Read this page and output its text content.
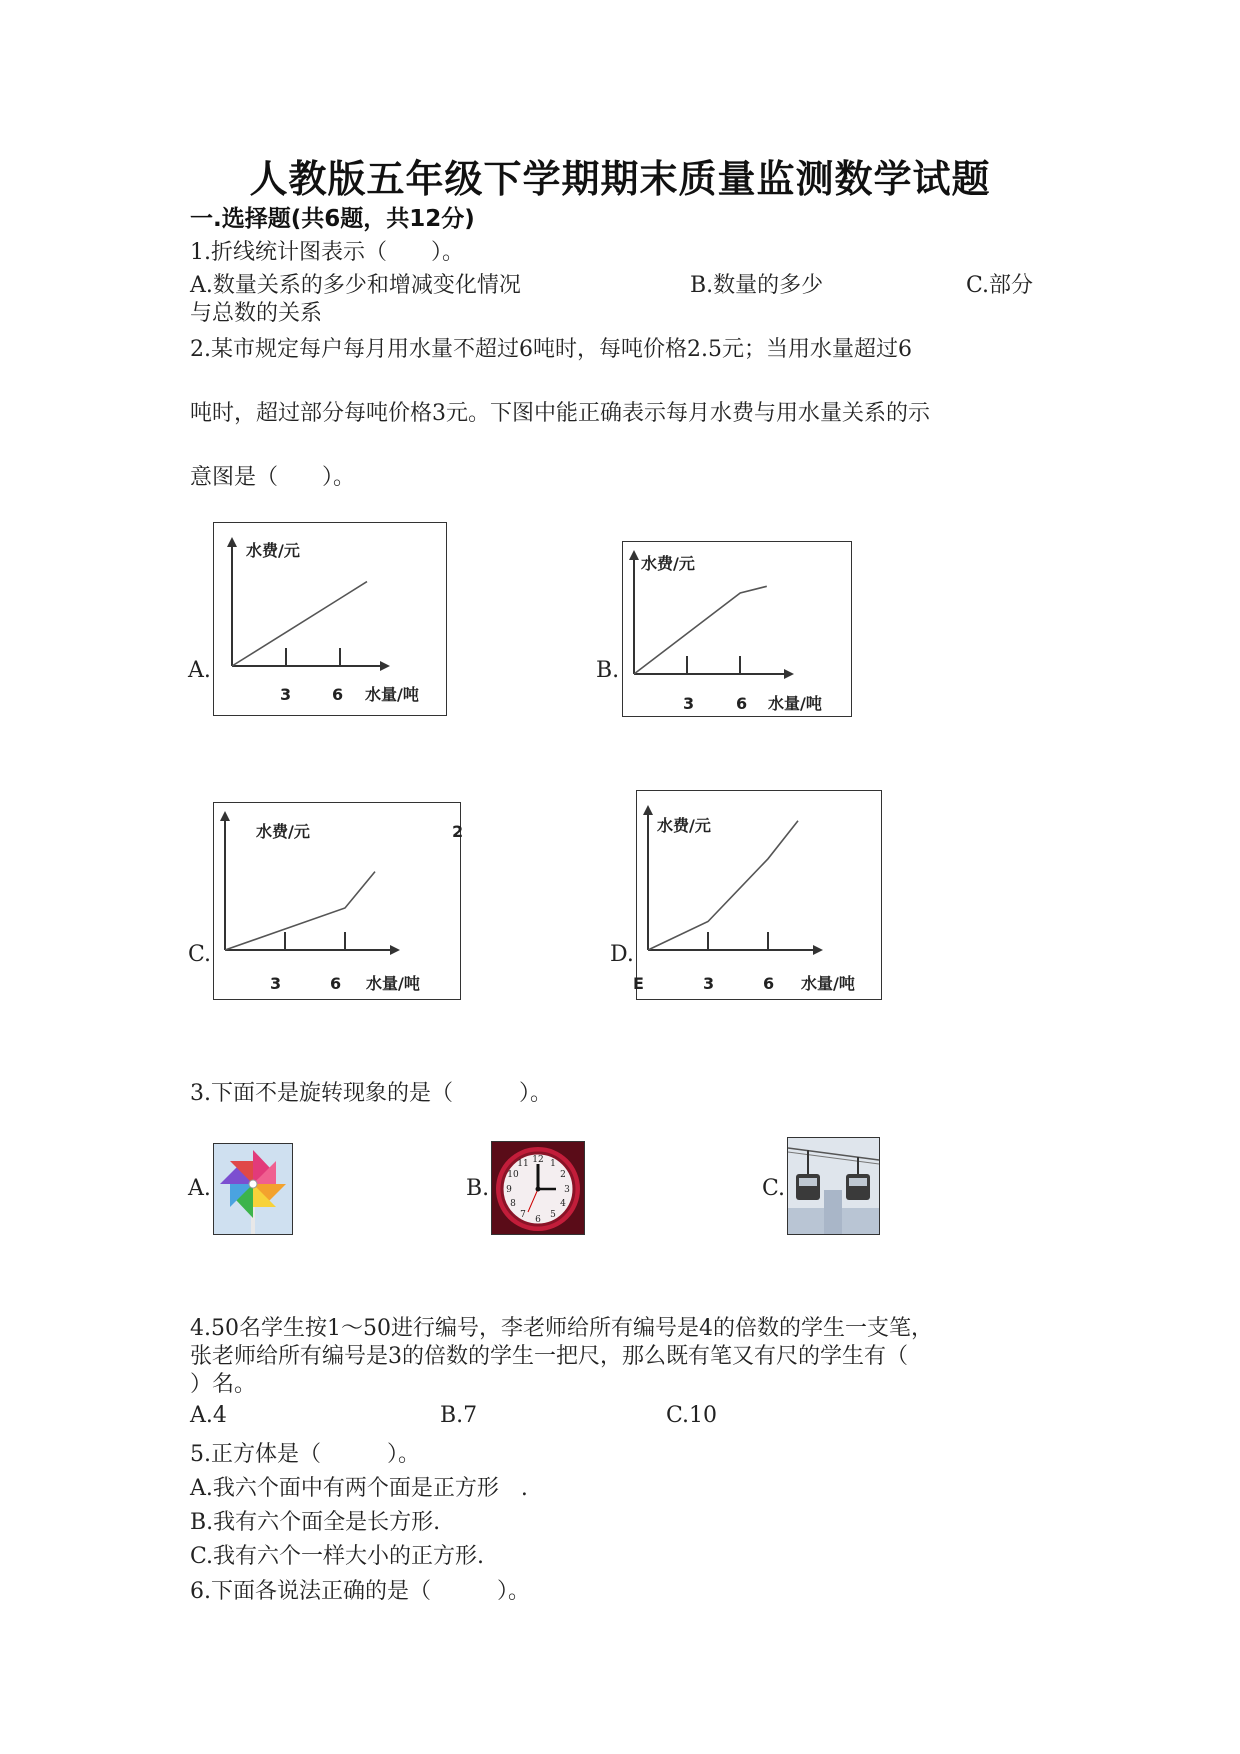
人教版五年级下学期期末质量监测数学试题
一.选择题(共6题，共12分)
1.折线统计图表示（　　）。
A.数量关系的多少和增减变化情况	B.数量的多少	C.部分
与总数的关系
2.某市规定每户每月用水量不超过6吨时，每吨价格2.5元；当用水量超过6
吨时，超过部分每吨价格3元。下图中能正确表示每月水费与用水量关系的示
意图是（　　）。
A.	B.
C.	D.
水费/元
3	6 水量/吨
水费/元
3	6 水量/吨
水费/元	2
3	6 水量/吨
水费/元
E	3	6 水量/吨
3.下面不是旋转现象的是（　　　）。
A.	B.	C.
12 1
2
3
4
5
6
7
8
9
10
11
4.50名学生按1～50进行编号，李老师给所有编号是4的倍数的学生一支笔，
张老师给所有编号是3的倍数的学生一把尺，那么既有笔又有尺的学生有（
）名。
A.4	B.7	C.10
5.正方体是（　　　）。
A.我六个面中有两个面是正方形　.
B.我有六个面全是长方形.
C.我有六个一样大小的正方形.
6.下面各说法正确的是（　　　）。
